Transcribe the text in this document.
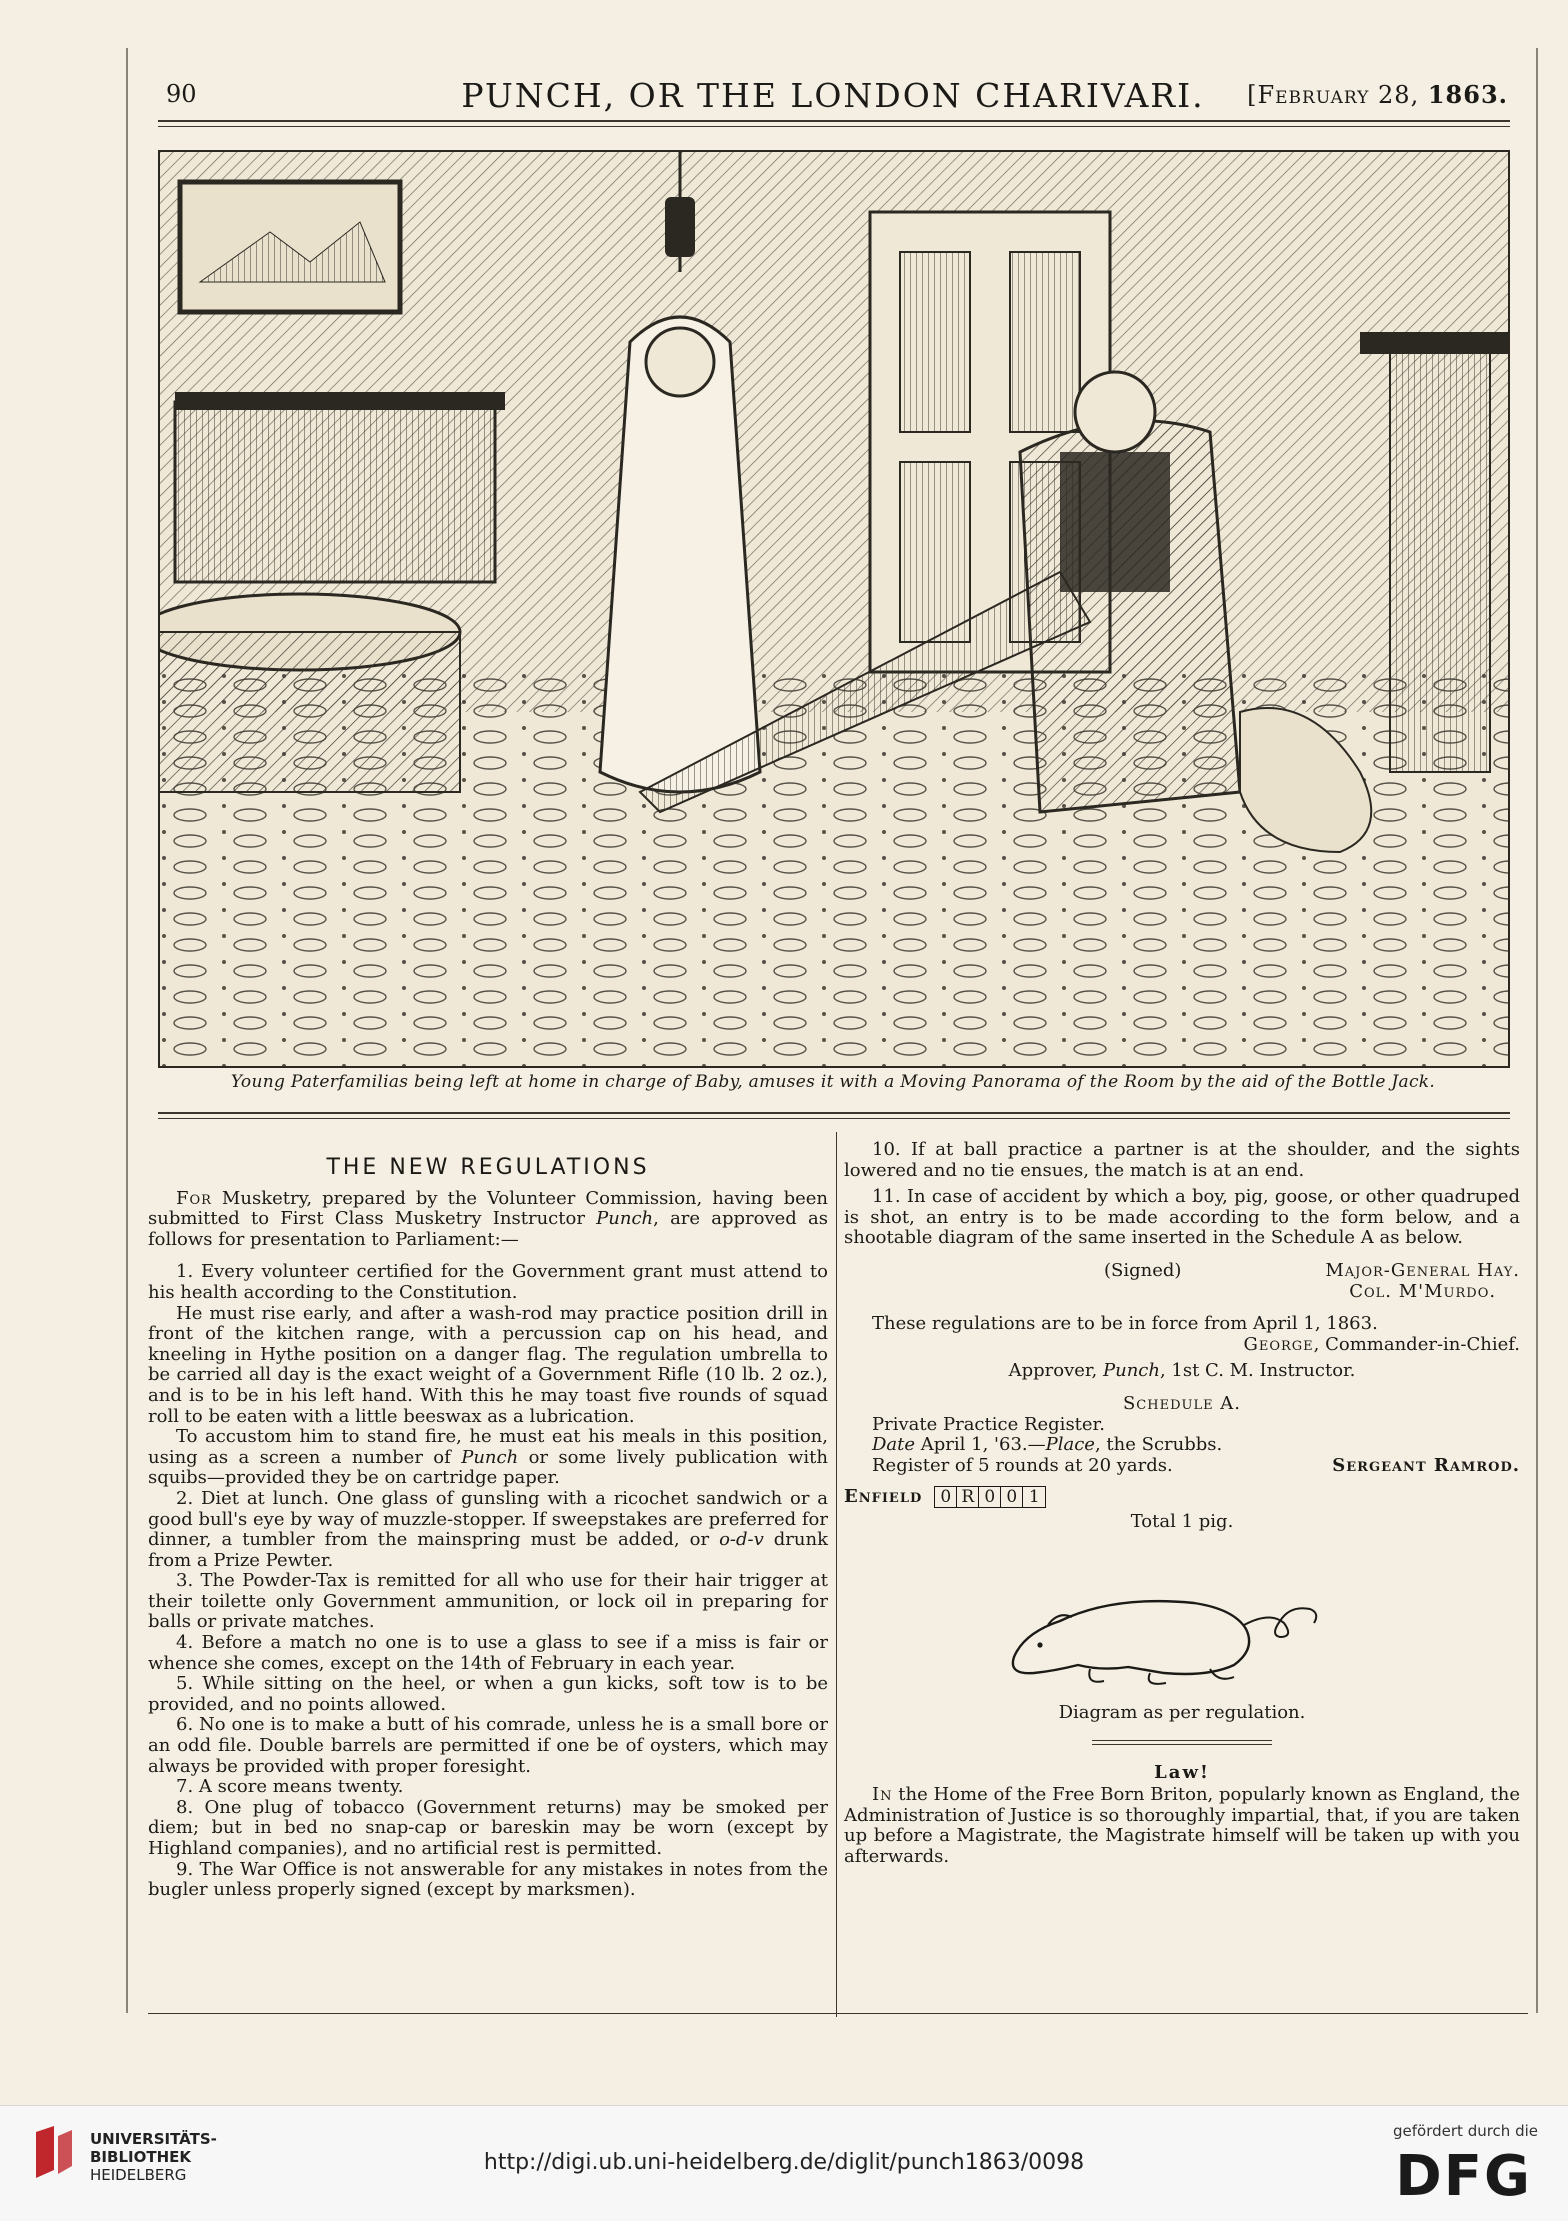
90	PUNCH, OR THE LONDON CHARIVARI.	[February 28, 1863.
Young Paterfamilias being left at home in charge of Baby, amuses it with a Moving Panorama of the Room by the aid of the Bottle Jack.
THE NEW REGULATIONS

For Musketry, prepared by the Volunteer Commission, having been submitted to First Class Musketry Instructor Punch, are approved as follows for presentation to Parliament:—

1. Every volunteer certified for the Government grant must attend to his health according to the Constitution.

He must rise early, and after a wash-rod may practice position drill in front of the kitchen range, with a percussion cap on his head, and kneeling in Hythe position on a danger flag. The regulation umbrella to be carried all day is the exact weight of a Government Rifle (10 lb. 2 oz.), and is to be in his left hand. With this he may toast five rounds of squad roll to be eaten with a little beeswax as a lubrication.

To accustom him to stand fire, he must eat his meals in this position, using as a screen a number of Punch or some lively publication with squibs—provided they be on cartridge paper.

2. Diet at lunch. One glass of gunsling with a ricochet sandwich or a good bull's eye by way of muzzle-stopper. If sweepstakes are preferred for dinner, a tumbler from the mainspring must be added, or o-d-v drunk from a Prize Pewter.

3. The Powder-Tax is remitted for all who use for their hair trigger at their toilette only Government ammunition, or lock oil in preparing for balls or private matches.

4. Before a match no one is to use a glass to see if a miss is fair or whence she comes, except on the 14th of February in each year.

5. While sitting on the heel, or when a gun kicks, soft tow is to be provided, and no points allowed.

6. No one is to make a butt of his comrade, unless he is a small bore or an odd file. Double barrels are permitted if one be of oysters, which may always be provided with proper foresight.

7. A score means twenty.

8. One plug of tobacco (Government returns) may be smoked per diem; but in bed no snap-cap or bareskin may be worn (except by Highland companies), and no artificial rest is permitted.

9. The War Office is not answerable for any mistakes in notes from the bugler unless properly signed (except by marksmen).

10. If at ball practice a partner is at the shoulder, and the sights lowered and no tie ensues, the match is at an end.

11. In case of accident by which a boy, pig, goose, or other quadruped is shot, an entry is to be made according to the form below, and a shootable diagram of the same inserted in the Schedule A as below.

(Signed)	Major-General Hay.
Col. M'Murdo.

These regulations are to be in force from April 1, 1863.

George, Commander-in-Chief.

Approver, Punch, 1st C. M. Instructor.

Schedule A.

Private Practice Register.

Date April 1, '63.—Place, the Scrubbs.

Register of 5 rounds at 20 yards.	Sergeant Ramrod.

Enfield 0 R 0 0 1

Total 1 pig.

Diagram as per regulation.

Law!

In the Home of the Free Born Briton, popularly known as England, the Administration of Justice is so thoroughly impartial, that, if you are taken up before a Magistrate, the Magistrate himself will be taken up with you afterwards.

UNIVERSITÄTS-
BIBLIOTHEK
HEIDELBERG	http://digi.ub.uni-heidelberg.de/diglit/punch1863/0098
gefördert durch die
DFG
